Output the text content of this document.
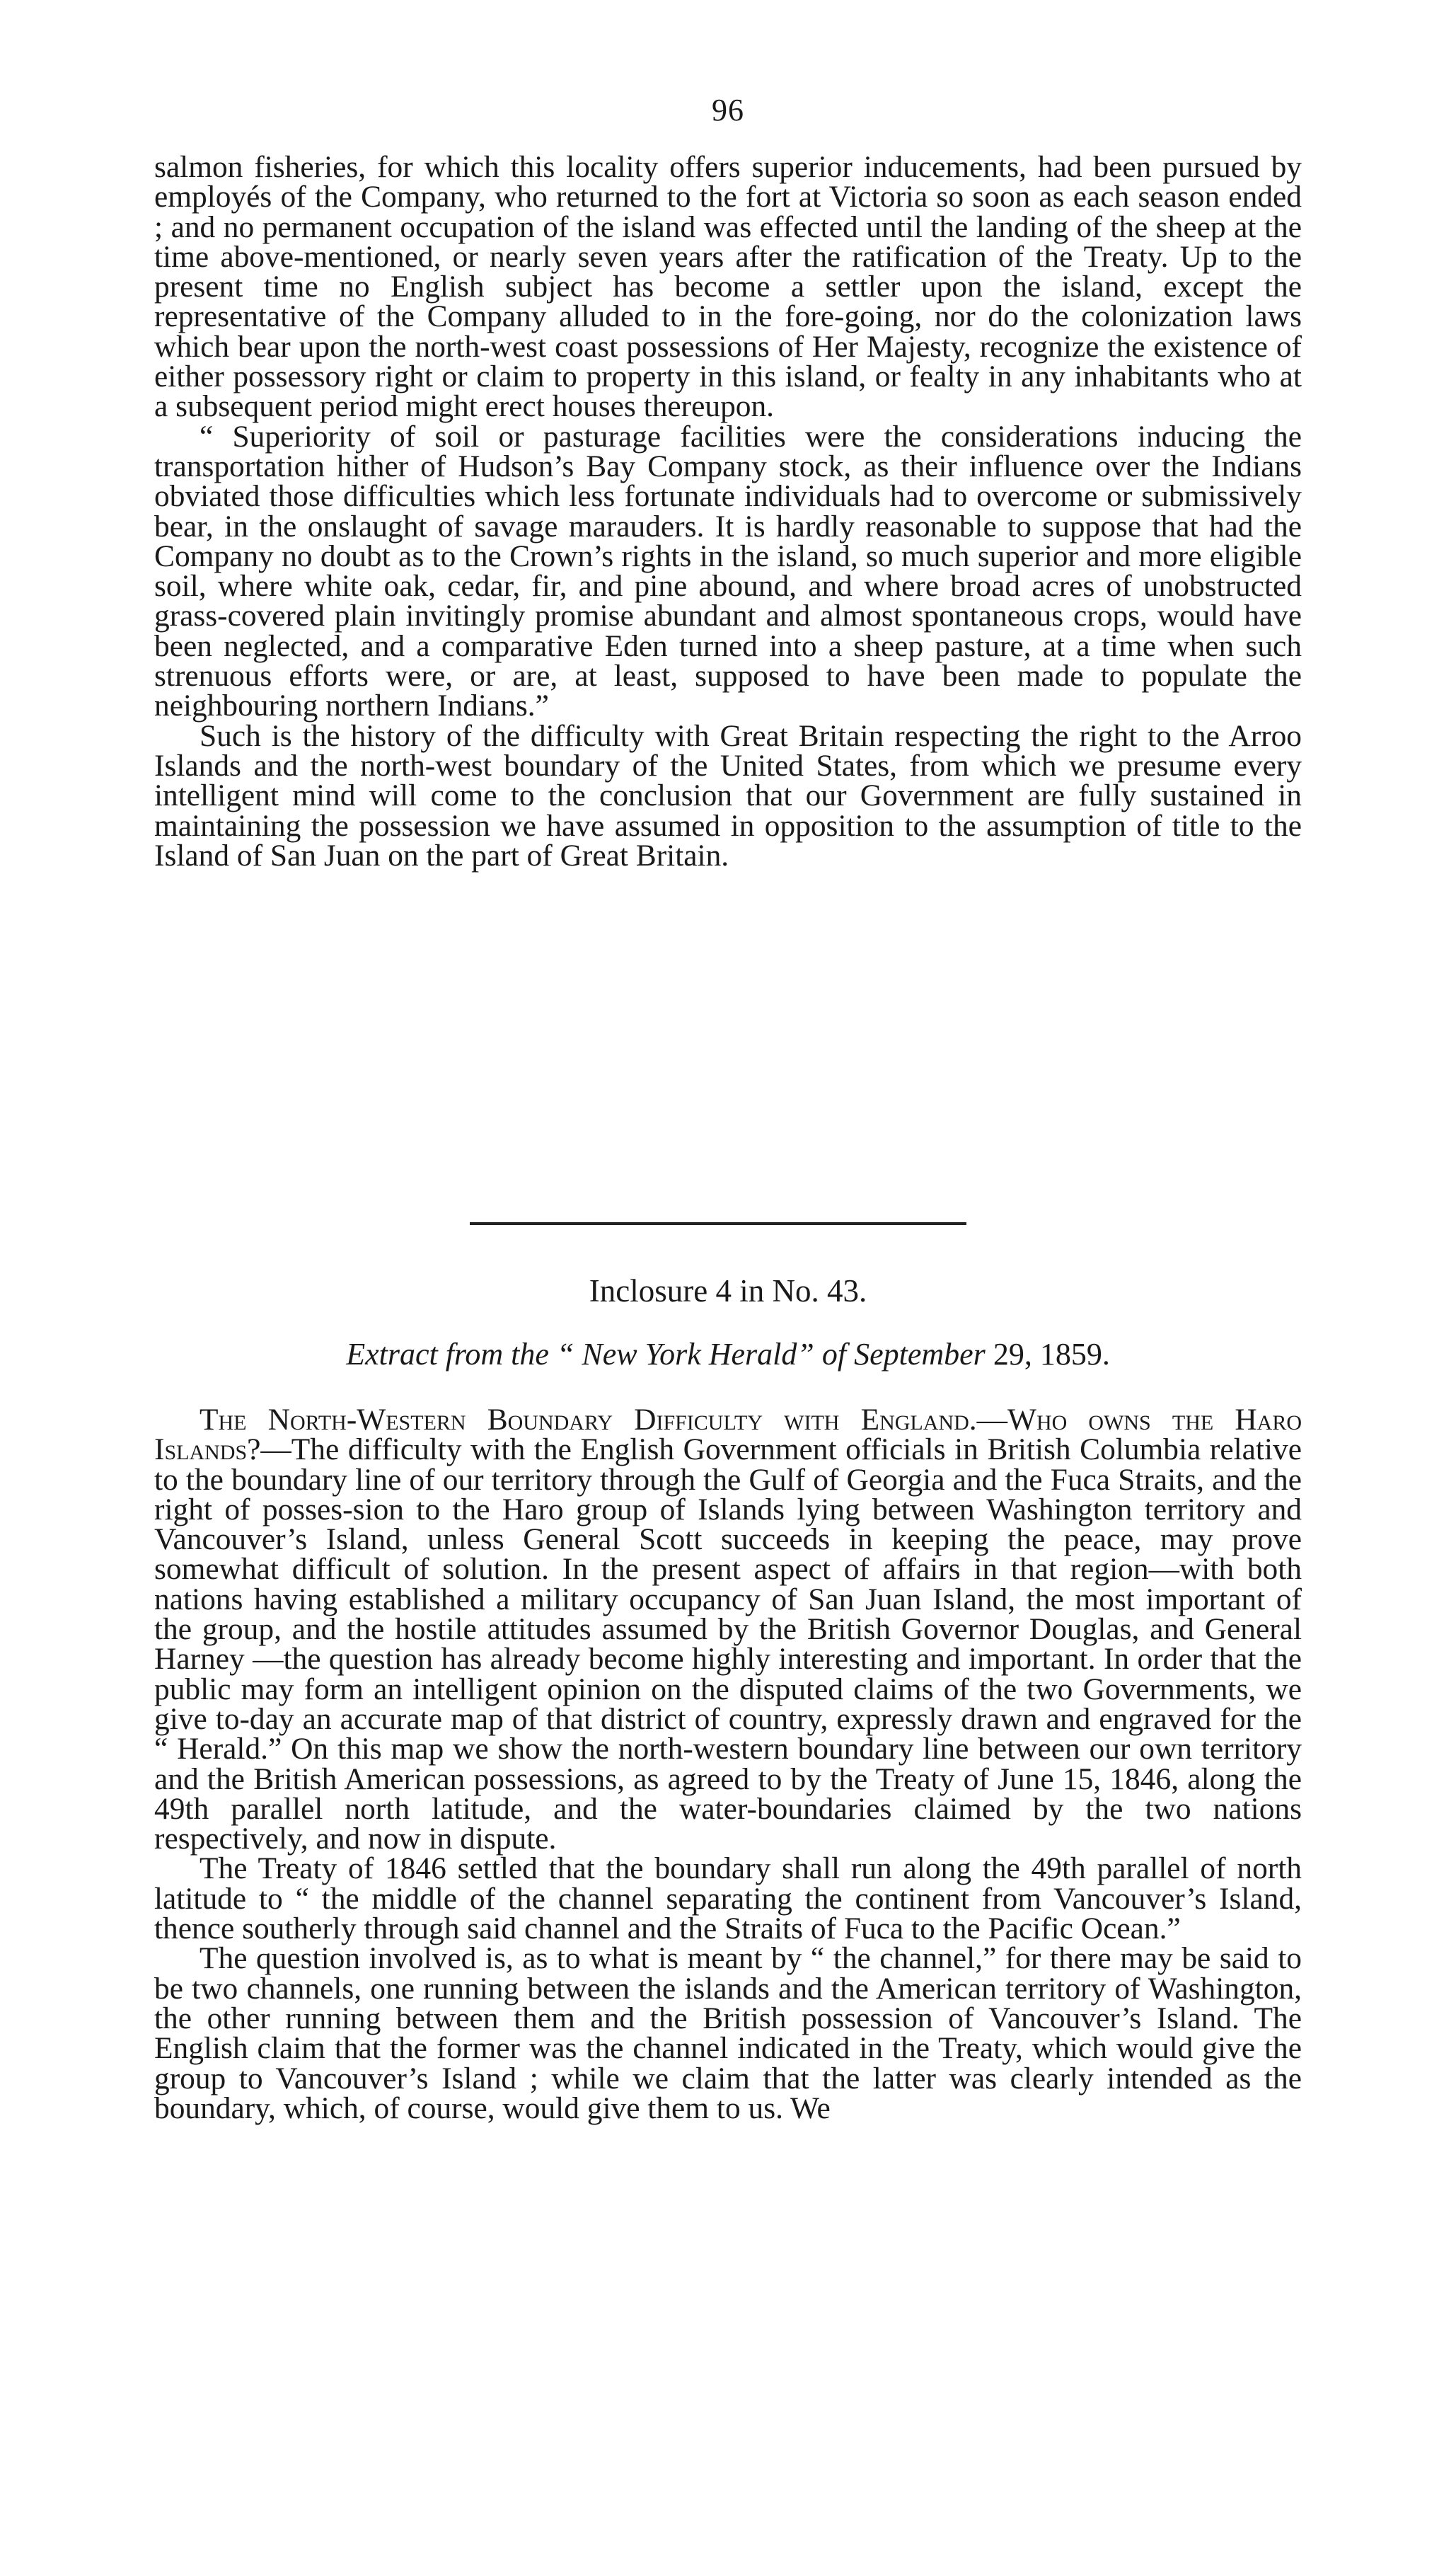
96

salmon fisheries, for which this locality offers superior inducements, had been pursued by employés of the Company, who returned to the fort at Victoria so soon as each season ended ; and no permanent occupation of the island was effected until the landing of the sheep at the time above-mentioned, or nearly seven years after the ratification of the Treaty. Up to the present time no English subject has become a settler upon the island, except the representative of the Company alluded to in the fore-going, nor do the colonization laws which bear upon the north-west coast possessions of Her Majesty, recognize the existence of either possessory right or claim to property in this island, or fealty in any inhabitants who at a subsequent period might erect houses thereupon.

“ Superiority of soil or pasturage facilities were the considerations inducing the transportation hither of Hudson’s Bay Company stock, as their influence over the Indians obviated those difficulties which less fortunate individuals had to overcome or submissively bear, in the onslaught of savage marauders. It is hardly reasonable to suppose that had the Company no doubt as to the Crown’s rights in the island, so much superior and more eligible soil, where white oak, cedar, fir, and pine abound, and where broad acres of unobstructed grass-covered plain invitingly promise abundant and almost spontaneous crops, would have been neglected, and a comparative Eden turned into a sheep pasture, at a time when such strenuous efforts were, or are, at least, supposed to have been made to populate the neighbouring northern Indians.”

Such is the history of the difficulty with Great Britain respecting the right to the Arroo Islands and the north-west boundary of the United States, from which we presume every intelligent mind will come to the conclusion that our Government are fully sustained in maintaining the possession we have assumed in opposition to the assumption of title to the Island of San Juan on the part of Great Britain.

Inclosure 4 in No. 43.
Extract from the “ New York Herald” of September 29, 1859.

The North-Western Boundary Difficulty with England.—Who owns the Haro Islands?—The difficulty with the English Government officials in British Columbia relative to the boundary line of our territory through the Gulf of Georgia and the Fuca Straits, and the right of posses-sion to the Haro group of Islands lying between Washington territory and Vancouver’s Island, unless General Scott succeeds in keeping the peace, may prove somewhat difficult of solution. In the present aspect of affairs in that region—with both nations having established a military occupancy of San Juan Island, the most important of the group, and the hostile attitudes assumed by the British Governor Douglas, and General Harney —the question has already become highly interesting and important. In order that the public may form an intelligent opinion on the disputed claims of the two Governments, we give to-day an accurate map of that district of country, expressly drawn and engraved for the “ Herald.” On this map we show the north-western boundary line between our own territory and the British American possessions, as agreed to by the Treaty of June 15, 1846, along the 49th parallel north latitude, and the water-boundaries claimed by the two nations respectively, and now in dispute.

The Treaty of 1846 settled that the boundary shall run along the 49th parallel of north latitude to “ the middle of the channel separating the continent from Vancouver’s Island, thence southerly through said channel and the Straits of Fuca to the Pacific Ocean.”

The question involved is, as to what is meant by “ the channel,” for there may be said to be two channels, one running between the islands and the American territory of Washington, the other running between them and the British possession of Vancouver’s Island. The English claim that the former was the channel indicated in the Treaty, which would give the group to Vancouver’s Island ; while we claim that the latter was clearly intended as the boundary, which, of course, would give them to us. We
